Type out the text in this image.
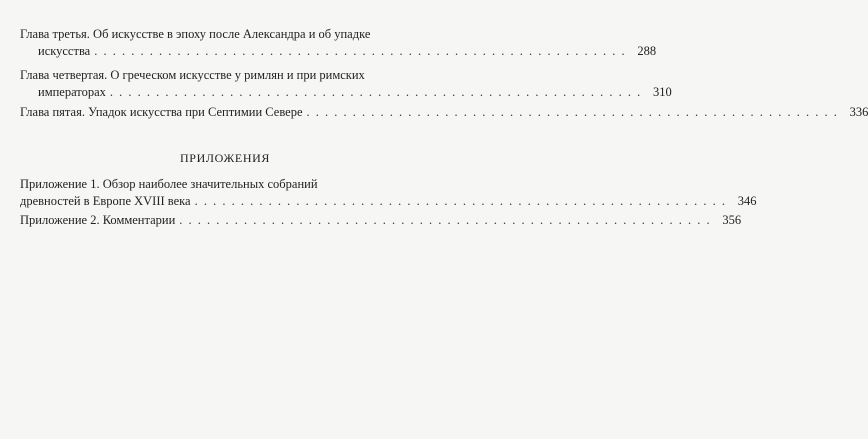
Глава третья. Об искусстве в эпоху после Александра и об упадке
искусства . . . . . . . . . . . . . . . . . . . . . . . . . . . . . . . . . . . . . . . . . . . . . . . . . . . . . . . . . . 288
Глава четвертая. О греческом искусстве у римлян и при римских
императорах . . . . . . . . . . . . . . . . . . . . . . . . . . . . . . . . . . . . . . . . . . . . . . . . . . . . . . . . . . 310
Глава пятая. Упадок искусства при Септимии Севере . . . . . . . . . . . . . . . . . . . . . . . . . . . . . . . . . . . . . . . . . . . . . . . . . . . . . . . . . . 336
ПРИЛОЖЕНИЯ
Приложение 1. Обзор наиболее значительных собраний
древностей в Европе XVIII века . . . . . . . . . . . . . . . . . . . . . . . . . . . . . . . . . . . . . . . . . . . . . . . . . . . . . . . . . . 346
Приложение 2. Комментарии . . . . . . . . . . . . . . . . . . . . . . . . . . . . . . . . . . . . . . . . . . . . . . . . . . . . . . . . . . 356
